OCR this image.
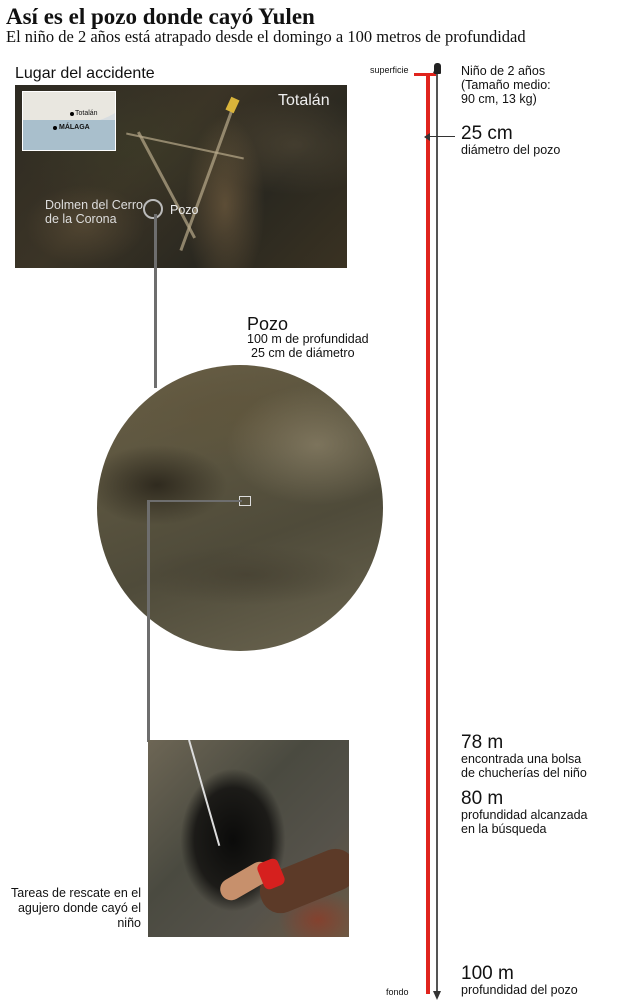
Así es el pozo donde cayó Yulen
El niño de 2 años está atrapado desde el domingo a 100 metros de profundidad
Lugar del accidente
Totalán
MÁLAGA
Totalán
Dolmen del Cerro de la Corona
Pozo
Pozo
100 m de profundidad
25 cm de diámetro
Tareas de rescate en el agujero donde cayó el niño
superficie
fondo
Niño de 2 años
(Tamaño medio:
90 cm, 13 kg)
25 cm
diámetro del pozo
78 m
encontrada una bolsa
de chucherías del niño
80 m
profundidad alcanzada
en la búsqueda
100 m
profundidad del pozo
